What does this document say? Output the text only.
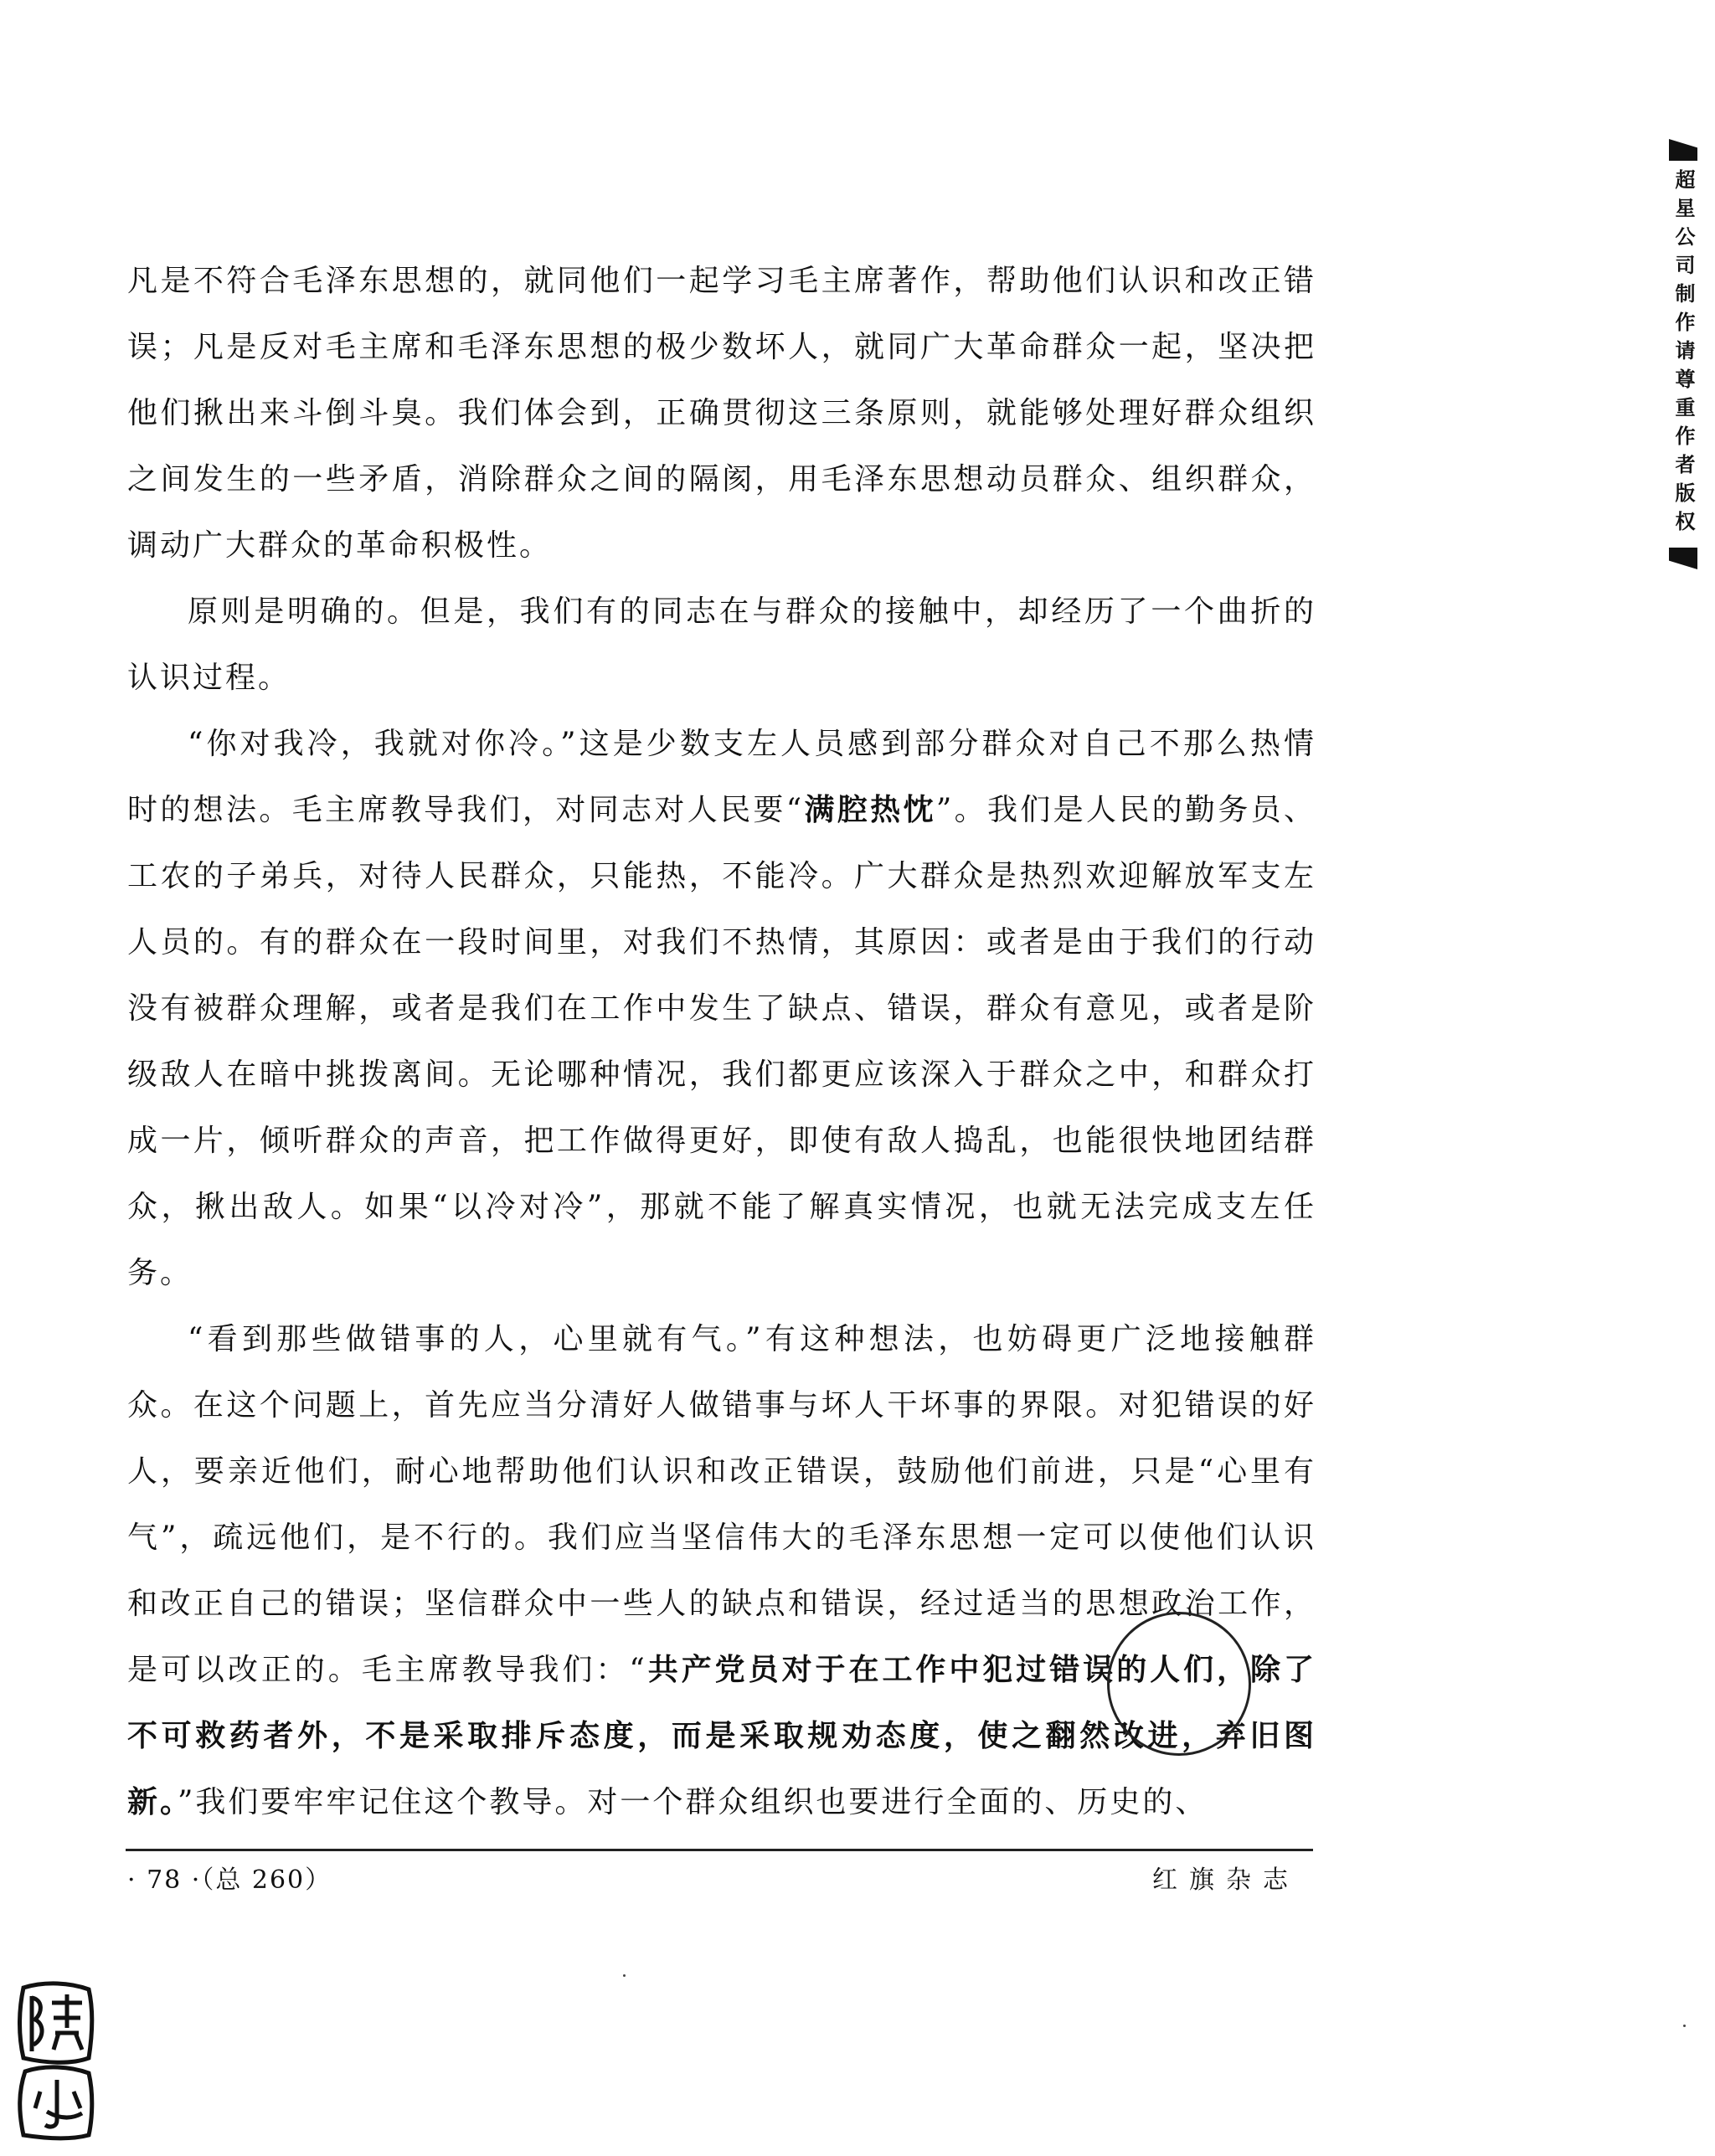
凡是不符合毛泽东思想的，就同他们一起学习毛主席著作，帮助他们认识和改正错误；凡是反对毛主席和毛泽东思想的极少数坏人，就同广大革命群众一起，坚决把他们揪出来斗倒斗臭。我们体会到，正确贯彻这三条原则，就能够处理好群众组织之间发生的一些矛盾，消除群众之间的隔阂，用毛泽东思想动员群众、组织群众，调动广大群众的革命积极性。

原则是明确的。但是，我们有的同志在与群众的接触中，却经历了一个曲折的认识过程。

“你对我冷，我就对你冷。”这是少数支左人员感到部分群众对自己不那么热情时的想法。毛主席教导我们，对同志对人民要“满腔热忱”。我们是人民的勤务员、工农的子弟兵，对待人民群众，只能热，不能冷。广大群众是热烈欢迎解放军支左人员的。有的群众在一段时间里，对我们不热情，其原因：或者是由于我们的行动没有被群众理解，或者是我们在工作中发生了缺点、错误，群众有意见，或者是阶级敌人在暗中挑拨离间。无论哪种情况，我们都更应该深入于群众之中，和群众打成一片，倾听群众的声音，把工作做得更好，即使有敌人捣乱，也能很快地团结群众，揪出敌人。如果“以冷对冷”，那就不能了解真实情况，也就无法完成支左任务。

“看到那些做错事的人，心里就有气。”有这种想法，也妨碍更广泛地接触群众。在这个问题上，首先应当分清好人做错事与坏人干坏事的界限。对犯错误的好人，要亲近他们，耐心地帮助他们认识和改正错误，鼓励他们前进，只是“心里有气”，疏远他们，是不行的。我们应当坚信伟大的毛泽东思想一定可以使他们认识和改正自己的错误；坚信群众中一些人的缺点和错误，经过适当的思想政治工作，是可以改正的。毛主席教导我们：“共产党员对于在工作中犯过错误的人们，除了不可救药者外，不是采取排斥态度，而是采取规劝态度，使之翻然改进，弃旧图新。”我们要牢牢记住这个教导。对一个群众组织也要进行全面的、历史的、

· 78 ·（总 260）	红旗杂志
超星公司制作请尊重作者版权
